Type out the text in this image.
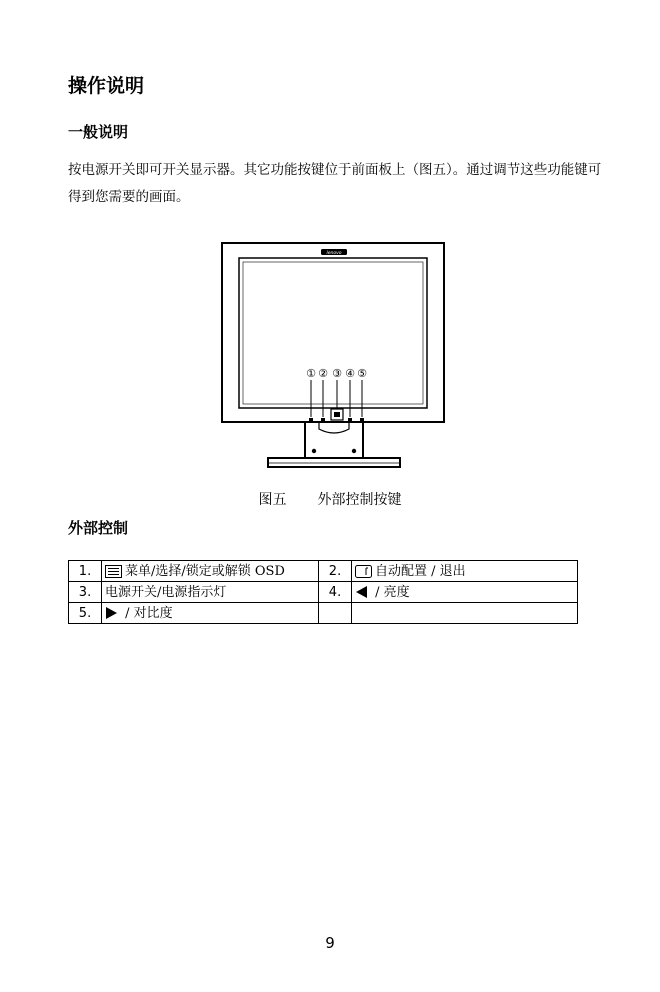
操作说明
一般说明
按电源开关即可开关显示器。其它功能按键位于前面板上（图五）。通过调节这些功能键可得到您需要的画面。
lenovo
① ② ③ ④ ⑤
图五 外部控制按键
外部控制
1.	菜单/选择/锁定或解锁 OSD	2.	自动配置 / 退出
3.	电源开关/电源指示灯	4.	/ 亮度
5.	/ 对比度		
9
